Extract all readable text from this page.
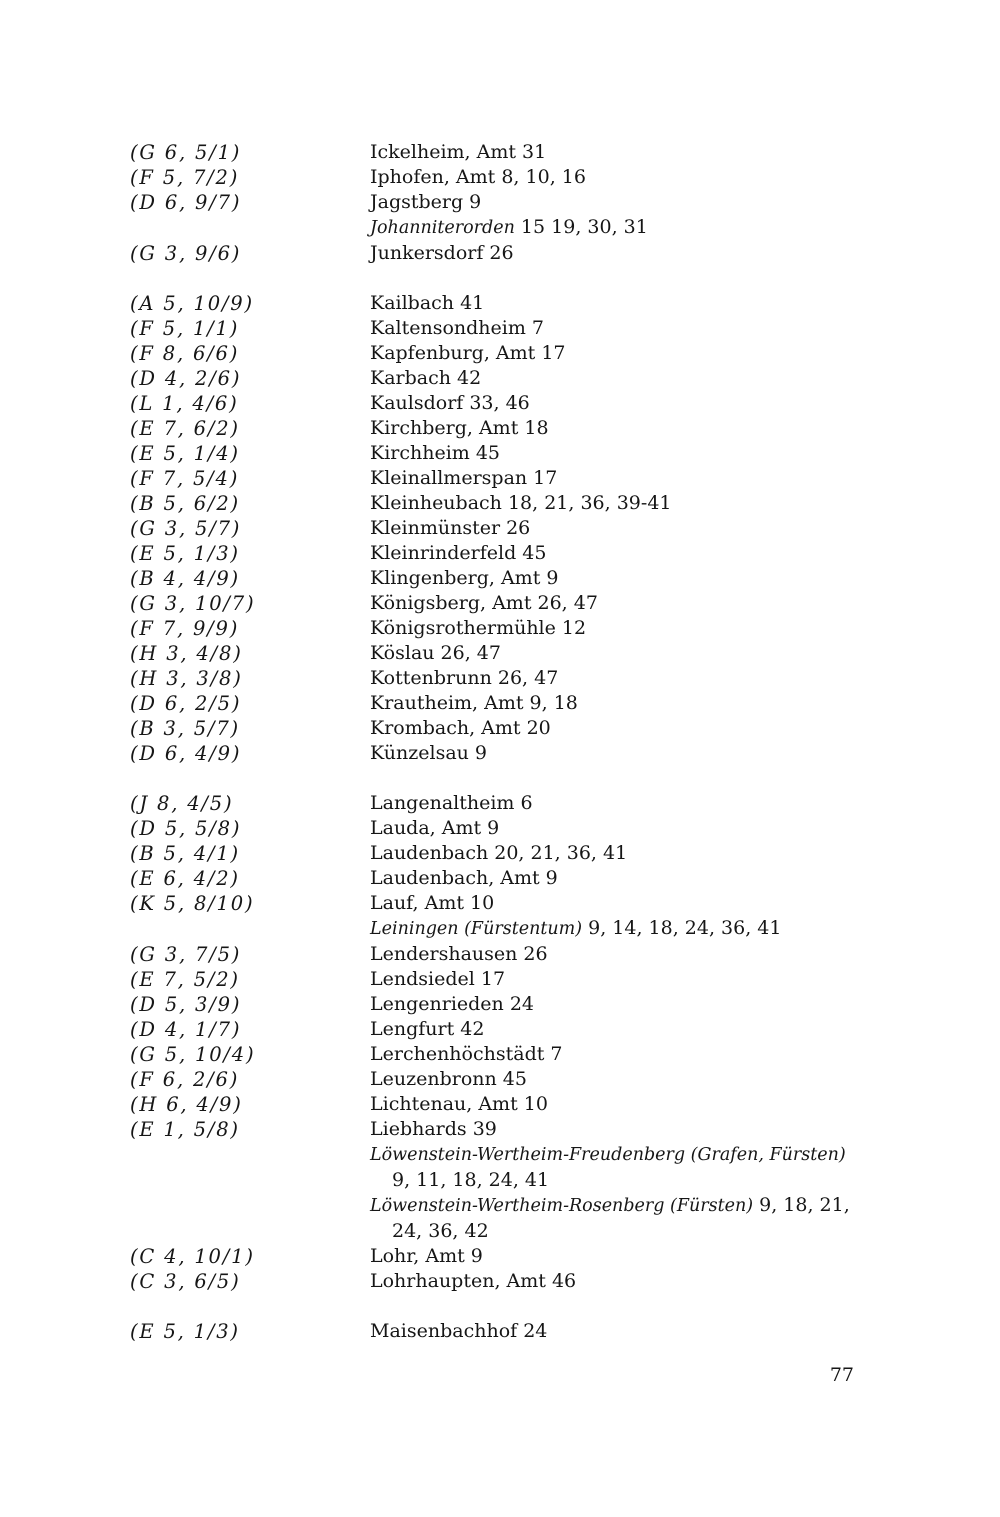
(G 6, 5/1)	Ickelheim, Amt 31
(F 5, 7/2)	Iphofen, Amt 8, 10, 16
(D 6, 9/7)	Jagstberg 9
Johanniterorden 15 19, 30, 31
(G 3, 9/6)	Junkersdorf 26
(A 5, 10/9)	Kailbach 41
(F 5, 1/1)	Kaltensondheim 7
(F 8, 6/6)	Kapfenburg, Amt 17
(D 4, 2/6)	Karbach 42
(L 1, 4/6)	Kaulsdorf 33, 46
(E 7, 6/2)	Kirchberg, Amt 18
(E 5, 1/4)	Kirchheim 45
(F 7, 5/4)	Kleinallmerspan 17
(B 5, 6/2)	Kleinheubach 18, 21, 36, 39-41
(G 3, 5/7)	Kleinmünster 26
(E 5, 1/3)	Kleinrinderfeld 45
(B 4, 4/9)	Klingenberg, Amt 9
(G 3, 10/7)	Königsberg, Amt 26, 47
(F 7, 9/9)	Königsrothermühle 12
(H 3, 4/8)	Köslau 26, 47
(H 3, 3/8)	Kottenbrunn 26, 47
(D 6, 2/5)	Krautheim, Amt 9, 18
(B 3, 5/7)	Krombach, Amt 20
(D 6, 4/9)	Künzelsau 9
(J 8, 4/5)	Langenaltheim 6
(D 5, 5/8)	Lauda, Amt 9
(B 5, 4/1)	Laudenbach 20, 21, 36, 41
(E 6, 4/2)	Laudenbach, Amt 9
(K 5, 8/10)	Lauf, Amt 10
Leiningen (Fürstentum) 9, 14, 18, 24, 36, 41
(G 3, 7/5)	Lendershausen 26
(E 7, 5/2)	Lendsiedel 17
(D 5, 3/9)	Lengenrieden 24
(D 4, 1/7)	Lengfurt 42
(G 5, 10/4)	Lerchenhöchstädt 7
(F 6, 2/6)	Leuzenbronn 45
(H 6, 4/9)	Lichtenau, Amt 10
(E 1, 5/8)	Liebhards 39
Löwenstein-Wertheim-Freudenberg (Grafen, Fürsten)
9, 11, 18, 24, 41
Löwenstein-Wertheim-Rosenberg (Fürsten) 9, 18, 21,
24, 36, 42
(C 4, 10/1)	Lohr, Amt 9
(C 3, 6/5)	Lohrhaupten, Amt 46
(E 5, 1/3)	Maisenbachhof 24
77
